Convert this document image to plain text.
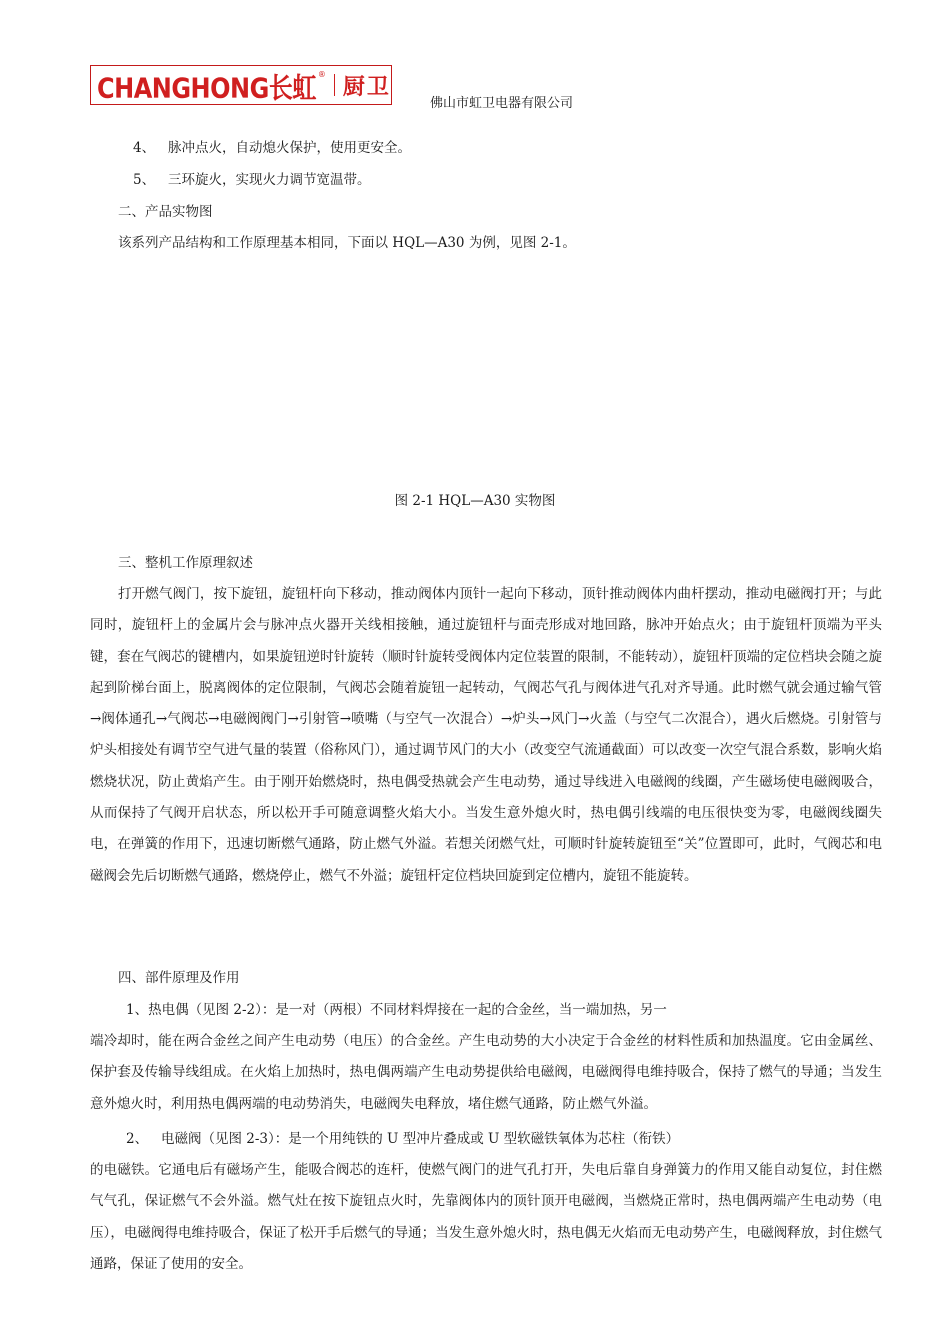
CHANGHONG长虹 ® 厨卫
佛山市虹卫电器有限公司
4、 脉冲点火，自动熄火保护，使用更安全。
5、 三环旋火，实现火力调节宽温带。
二、产品实物图
该系列产品结构和工作原理基本相同，下面以 HQL—A30 为例，见图 2-1。
图 2-1 HQL—A30 实物图
三、整机工作原理叙述
打开燃气阀门，按下旋钮，旋钮杆向下移动，推动阀体内顶针一起向下移动，顶针推动阀体内曲杆摆动，推动电磁阀打开；与此同时，旋钮杆上的金属片会与脉冲点火器开关线相接触，通过旋钮杆与面壳形成对地回路，脉冲开始点火；由于旋钮杆顶端为平头键，套在气阀芯的键槽内，如果旋钮逆时针旋转（顺时针旋转受阀体内定位装置的限制，不能转动），旋钮杆顶端的定位档块会随之旋起到阶梯台面上，脱离阀体的定位限制，气阀芯会随着旋钮一起转动，气阀芯气孔与阀体进气孔对齐导通。此时燃气就会通过输气管→阀体通孔→气阀芯→电磁阀阀门→引射管→喷嘴（与空气一次混合）→炉头→风门→火盖（与空气二次混合），遇火后燃烧。引射管与炉头相接处有调节空气进气量的装置（俗称风门），通过调节风门的大小（改变空气流通截面）可以改变一次空气混合系数，影响火焰燃烧状况，防止黄焰产生。由于刚开始燃烧时，热电偶受热就会产生电动势，通过导线进入电磁阀的线圈，产生磁场使电磁阀吸合，从而保持了气阀开启状态，所以松开手可随意调整火焰大小。当发生意外熄火时，热电偶引线端的电压很快变为零，电磁阀线圈失电，在弹簧的作用下，迅速切断燃气通路，防止燃气外溢。若想关闭燃气灶，可顺时针旋转旋钮至“关”位置即可，此时，气阀芯和电磁阀会先后切断燃气通路，燃烧停止，燃气不外溢；旋钮杆定位档块回旋到定位槽内，旋钮不能旋转。
四、部件原理及作用
1、热电偶（见图 2-2）：是一对（两根）不同材料焊接在一起的合金丝，当一端加热，另一
端冷却时，能在两合金丝之间产生电动势（电压）的合金丝。产生电动势的大小决定于合金丝的材料性质和加热温度。它由金属丝、保护套及传输导线组成。在火焰上加热时，热电偶两端产生电动势提供给电磁阀，电磁阀得电维持吸合，保持了燃气的导通；当发生意外熄火时，利用热电偶两端的电动势消失，电磁阀失电释放，堵住燃气通路，防止燃气外溢。
2、 电磁阀（见图 2-3）：是一个用纯铁的 U 型冲片叠成或 U 型软磁铁氧体为芯柱（衔铁）
的电磁铁。它通电后有磁场产生，能吸合阀芯的连杆，使燃气阀门的进气孔打开，失电后靠自身弹簧力的作用又能自动复位，封住燃气气孔，保证燃气不会外溢。燃气灶在按下旋钮点火时，先靠阀体内的顶针顶开电磁阀，当燃烧正常时，热电偶两端产生电动势（电压），电磁阀得电维持吸合，保证了松开手后燃气的导通；当发生意外熄火时，热电偶无火焰而无电动势产生，电磁阀释放，封住燃气通路，保证了使用的安全。
